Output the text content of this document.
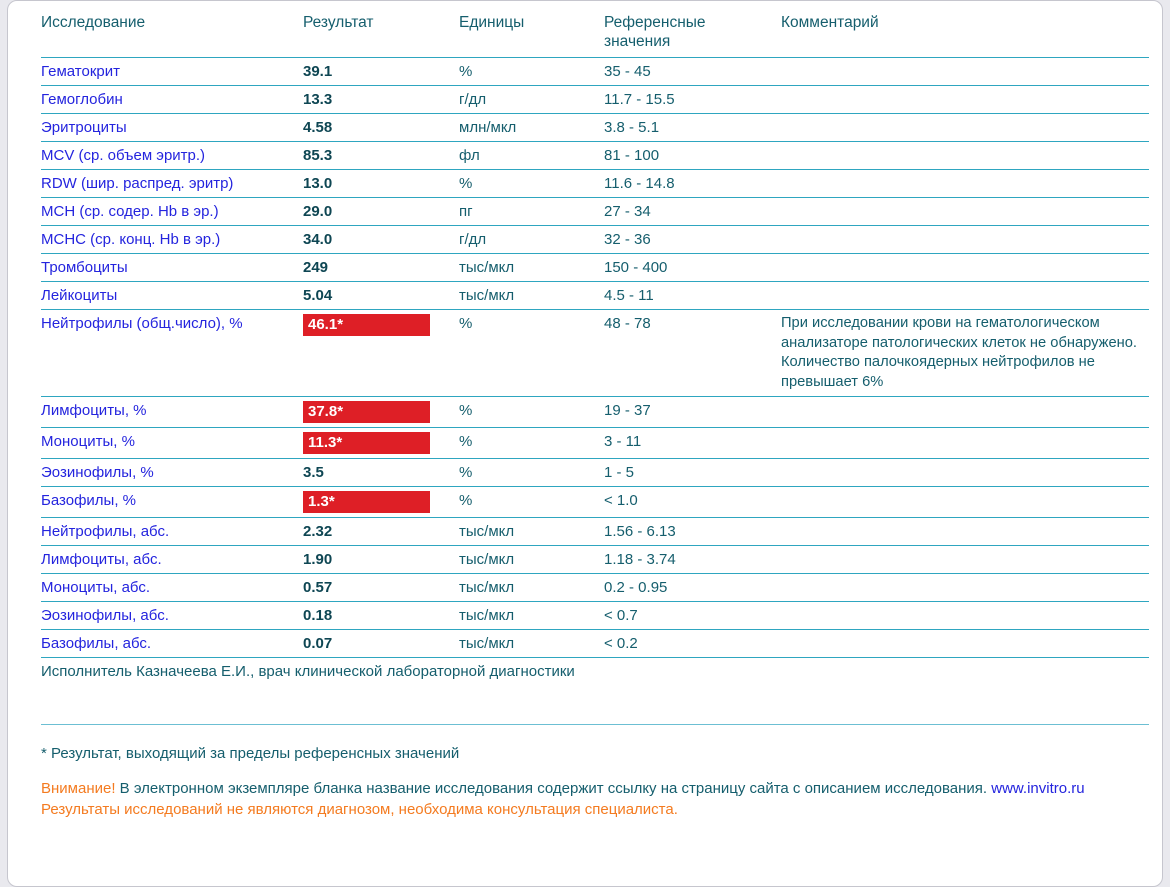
Исследование	Результат	Единицы	Референсные значения	Комментарий
Гематокрит	39.1	%	35 - 45	
Гемоглобин	13.3	г/дл	11.7 - 15.5	
Эритроциты	4.58	млн/мкл	3.8 - 5.1	
MCV (ср. объем эритр.)	85.3	фл	81 - 100	
RDW (шир. распред. эритр)	13.0	%	11.6 - 14.8	
MCH (ср. содер. Hb в эр.)	29.0	пг	27 - 34	
MCHC (ср. конц. Hb в эр.)	34.0	г/дл	32 - 36	
Тромбоциты	249	тыс/мкл	150 - 400	
Лейкоциты	5.04	тыс/мкл	4.5 - 11	
Нейтрофилы (общ.число), %	46.1*	%	48 - 78	При исследовании крови на гематологическом анализаторе патологических клеток не обнаружено. Количество палочкоядерных нейтрофилов не превышает 6%
Лимфоциты, %	37.8*	%	19 - 37	
Моноциты, %	11.3*	%	3 - 11	
Эозинофилы, %	3.5	%	1 - 5	
Базофилы, %	1.3*	%	< 1.0	
Нейтрофилы, абс.	2.32	тыс/мкл	1.56 - 6.13	
Лимфоциты, абс.	1.90	тыс/мкл	1.18 - 3.74	
Моноциты, абс.	0.57	тыс/мкл	0.2 - 0.95	
Эозинофилы, абс.	0.18	тыс/мкл	< 0.7	
Базофилы, абс.	0.07	тыс/мкл	< 0.2	
Исполнитель Казначеева Е.И., врач клинической лабораторной диагностики
* Результат, выходящий за пределы референсных значений
Внимание! В электронном экземпляре бланка название исследования содержит ссылку на страницу сайта с описанием исследования. www.invitro.ru
Результаты исследований не являются диагнозом, необходима консультация специалиста.
